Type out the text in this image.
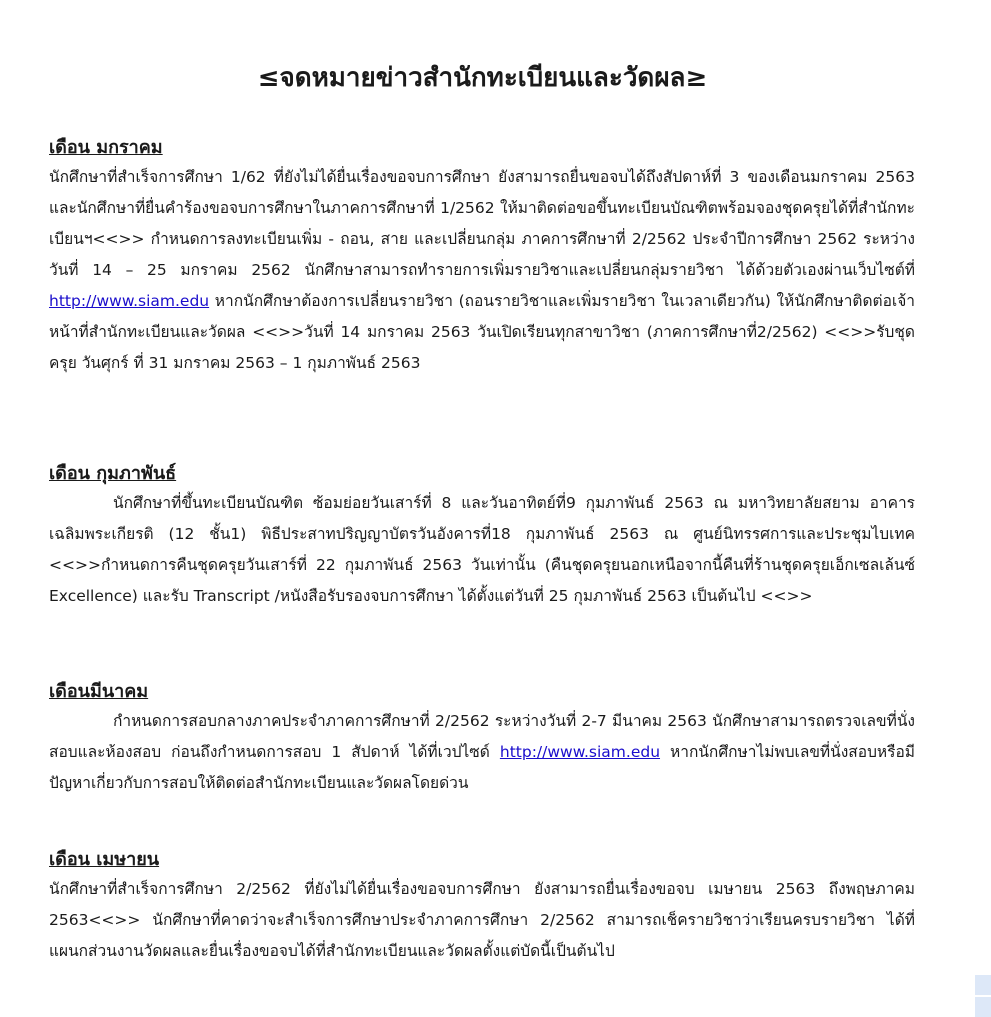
≤จดหมายข่าวสำนักทะเบียนและวัดผล≥
เดือน มกราคม

นักศึกษาที่สำเร็จการศึกษา 1/62 ที่ยังไม่ได้ยื่นเรื่องขอจบการศึกษา ยังสามารถยื่นขอจบได้ถึงสัปดาห์ที่ 3 ของเดือนมกราคม 2563 และนักศึกษาที่ยื่นคำร้องขอจบการศึกษาในภาคการศึกษาที่ 1/2562 ให้มาติดต่อขอขึ้นทะเบียนบัณฑิตพร้อมจองชุดครุยได้ที่สำนักทะเบียนฯ<<>> กำหนดการลงทะเบียนเพิ่ม - ถอน, สาย และเปลี่ยนกลุ่ม ภาคการศึกษาที่ 2/2562 ประจำปีการศึกษา 2562 ระหว่างวันที่ 14 – 25 มกราคม 2562 นักศึกษาสามารถทำรายการเพิ่มรายวิชาและเปลี่ยนกลุ่มรายวิชา ได้ด้วยตัวเองผ่านเว็บไซต์ที่ http://www.siam.edu หากนักศึกษาต้องการเปลี่ยนรายวิชา (ถอนรายวิชาและเพิ่มรายวิชา ในเวลาเดียวกัน) ให้นักศึกษาติดต่อเจ้าหน้าที่สำนักทะเบียนและวัดผล <<>>วันที่ 14 มกราคม 2563 วันเปิดเรียนทุกสาขาวิชา (ภาคการศึกษาที่2/2562) <<>>รับชุดครุย วันศุกร์ ที่ 31 มกราคม 2563 – 1 กุมภาพันธ์ 2563

เดือน กุมภาพันธ์

นักศึกษาที่ขึ้นทะเบียนบัณฑิต ซ้อมย่อยวันเสาร์ที่ 8 และวันอาทิตย์ที่9 กุมภาพันธ์ 2563 ณ มหาวิทยาลัยสยาม อาคารเฉลิมพระเกียรติ (12 ชั้น1) พิธีประสาทปริญญาบัตรวันอังคารที่18 กุมภาพันธ์ 2563 ณ ศูนย์นิทรรศการและประชุมไบเทค <<>>กำหนดการคืนชุดครุยวันเสาร์ที่ 22 กุมภาพันธ์ 2563 วันเท่านั้น (คืนชุดครุยนอกเหนือจากนี้คืนที่ร้านชุดครุยเอ็กเซลเล้นซ์ Excellence) และรับ Transcript /หนังสือรับรองจบการศึกษา ได้ตั้งแต่วันที่ 25 กุมภาพันธ์ 2563 เป็นต้นไป <<>>

เดือนมีนาคม

กำหนดการสอบกลางภาคประจำภาคการศึกษาที่ 2/2562 ระหว่างวันที่ 2-7 มีนาคม 2563 นักศึกษาสามารถตรวจเลขที่นั่งสอบและห้องสอบ ก่อนถึงกำหนดการสอบ 1 สัปดาห์ ได้ที่เวปไซด์ http://www.siam.edu หากนักศึกษาไม่พบเลขที่นั่งสอบหรือมีปัญหาเกี่ยวกับการสอบให้ติดต่อสำนักทะเบียนและวัดผลโดยด่วน

เดือน เมษายน

นักศึกษาที่สำเร็จการศึกษา 2/2562 ที่ยังไม่ได้ยื่นเรื่องขอจบการศึกษา ยังสามารถยื่นเรื่องขอจบ เมษายน 2563 ถึงพฤษภาคม 2563<<>> นักศึกษาที่คาดว่าจะสำเร็จการศึกษาประจำภาคการศึกษา 2/2562 สามารถเช็ครายวิชาว่าเรียนครบรายวิชา ได้ที่แผนกส่วนงานวัดผลและยื่นเรื่องขอจบได้ที่สำนักทะเบียนและวัดผลตั้งแต่บัดนี้เป็นต้นไป
